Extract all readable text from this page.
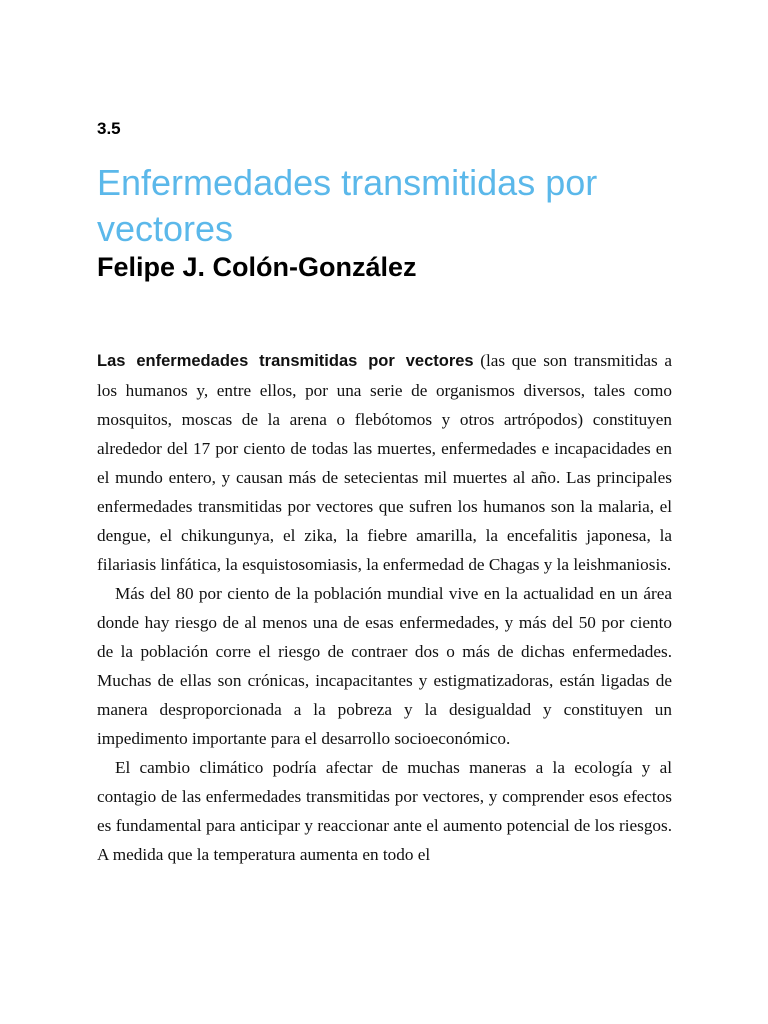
3.5
Enfermedades transmitidas por vectores
Felipe J. Colón-González

Las enfermedades transmitidas por vectores (las que son transmitidas a los humanos y, entre ellos, por una serie de organismos diversos, tales como mosquitos, moscas de la arena o flebótomos y otros artrópodos) constituyen alrededor del 17 por ciento de todas las muertes, enfermedades e incapacidades en el mundo entero, y causan más de setecientas mil muertes al año. Las principales enfermedades transmitidas por vectores que sufren los humanos son la malaria, el dengue, el chikungunya, el zika, la fiebre amarilla, la encefalitis japonesa, la filariasis linfática, la esquistosomiasis, la enfermedad de Chagas y la leishmaniosis.

Más del 80 por ciento de la población mundial vive en la actualidad en un área donde hay riesgo de al menos una de esas enfermedades, y más del 50 por ciento de la población corre el riesgo de contraer dos o más de dichas enfermedades. Muchas de ellas son crónicas, incapacitantes y estigmatizadoras, están ligadas de manera desproporcionada a la pobreza y la desigualdad y constituyen un impedimento importante para el desarrollo socioeconómico.

El cambio climático podría afectar de muchas maneras a la ecología y al contagio de las enfermedades transmitidas por vectores, y comprender esos efectos es fundamental para anticipar y reaccionar ante el aumento potencial de los riesgos. A medida que la temperatura aumenta en todo el
